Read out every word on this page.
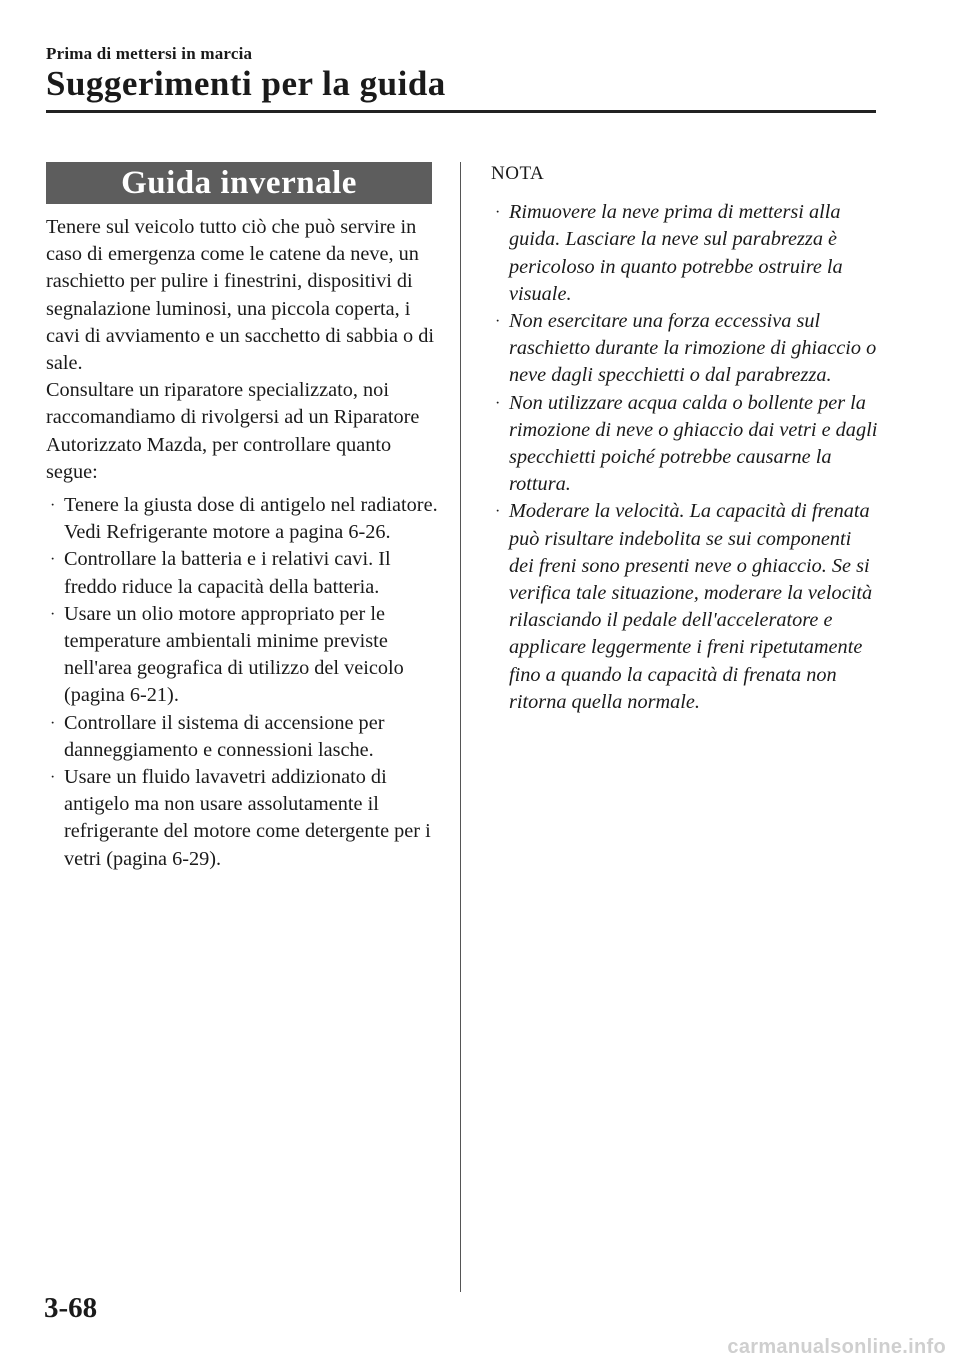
Prima di mettersi in marcia
Suggerimenti per la guida
Guida invernale

Tenere sul veicolo tutto ciò che può servire in caso di emergenza come le catene da neve, un raschietto per pulire i finestrini, dispositivi di segnalazione luminosi, una piccola coperta, i cavi di avviamento e un sacchetto di sabbia o di sale.

Consultare un riparatore specializzato, noi raccomandiamo di rivolgersi ad un Riparatore Autorizzato Mazda, per controllare quanto segue:

· Tenere la giusta dose di antigelo nel radiatore.
Vedi Refrigerante motore a pagina 6-26.
· Controllare la batteria e i relativi cavi. Il freddo riduce la capacità della batteria.
· Usare un olio motore appropriato per le temperature ambientali minime previste nell'area geografica di utilizzo del veicolo (pagina 6-21).
· Controllare il sistema di accensione per danneggiamento e connessioni lasche.
· Usare un fluido lavavetri addizionato di antigelo ma non usare assolutamente il refrigerante del motore come detergente per i vetri (pagina 6-29).
NOTA
· Rimuovere la neve prima di mettersi alla guida. Lasciare la neve sul parabrezza è pericoloso in quanto potrebbe ostruire la visuale.
· Non esercitare una forza eccessiva sul raschietto durante la rimozione di ghiaccio o neve dagli specchietti o dal parabrezza.
· Non utilizzare acqua calda o bollente per la rimozione di neve o ghiaccio dai vetri e dagli specchietti poiché potrebbe causarne la rottura.
· Moderare la velocità. La capacità di frenata può risultare indebolita se sui componenti dei freni sono presenti neve o ghiaccio. Se si verifica tale situazione, moderare la velocità rilasciando il pedale dell'acceleratore e applicare leggermente i freni ripetutamente fino a quando la capacità di frenata non ritorna quella normale.
3-68
carmanualsonline.info
